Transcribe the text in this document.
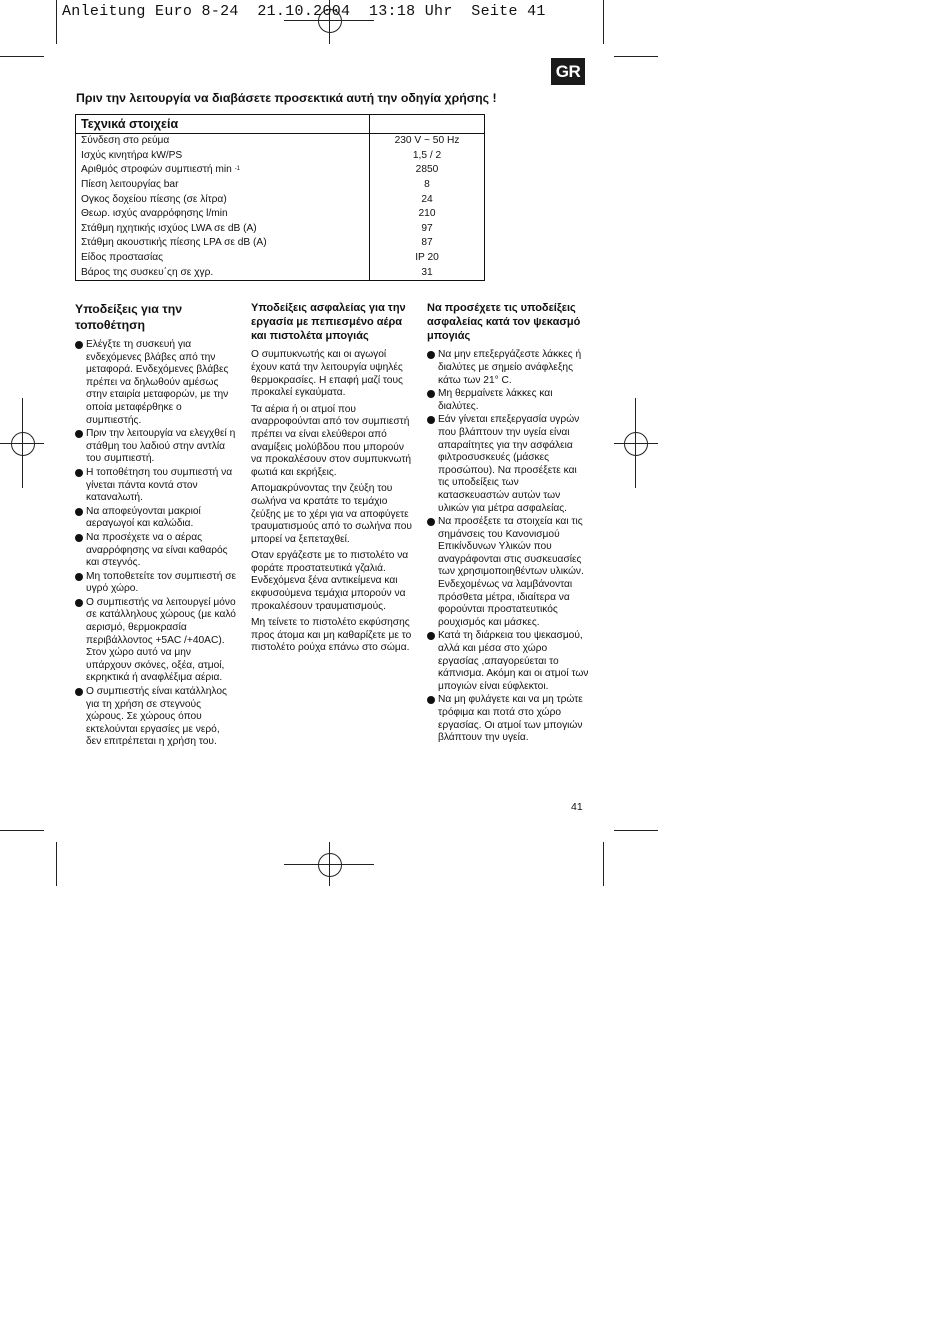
Anleitung Euro 8-24  21.10.2004  13:18 Uhr  Seite 41
GR
Πριν την λειτουργία να διαβάσετε προσεκτικά αυτή την οδηγία χρήσης !
Τεχνικά στοιχεία	
Σύνδεση στο ρεύμα	230 V ~ 50 Hz
Ισχύς κινητήρα kW/PS	1,5 / 2
Αριθμός στροφών συμπιεστή min $^{-1}$	2850
Πίεση λειτουργίας bar	8
Ογκος δοχείου πίεσης (σε λίτρα)	24
Θεωρ. ισχύς αναρρόφησης l/min	210
Στάθμη ηχητικής ισχύος LWA σε dB (A)	97
Στάθμη ακουστικής πίεσης LPA σε dB (A)	87
Είδος προστασίας	IP 20
Βάρος της συσκευ΄ςη σε χγρ.	31
Υποδείξεις για την τοποθέτηση
Ελέγξτε τη συσκευή για ενδεχόμενες βλάβες από την μεταφορά. Ενδεχόμενες βλάβες πρέπει να δηλωθούν αμέσως στην εταιρία μεταφορών, με την οποία μεταφέρθηκε ο συμπιεστής.
Πριν την λειτουργία να ελεγχθεί η στάθμη του λαδιού στην αντλία του συμπιεστή.
Η τοποθέτηση του συμπιεστή να γίνεται πάντα κοντά στον καταναλωτή.
Να αποφεύγονται μακριοί αεραγωγοί και καλώδια.
Να προσέχετε να ο αέρας αναρρόφησης να είναι καθαρός και στεγνός.
Μη τοποθετείτε τον συμπιεστή σε υγρό χώρο.
Ο συμπιεστής να λειτουργεί μόνο σε κατάλληλους χώρους (με καλό αερισμό, θερμοκρασία περιβάλλοντος +5AC /+40AC). Στον χώρο αυτό να μην υπάρχουν σκόνες, οξέα, ατμοί, εκρηκτικά ή αναφλέξιμα αέρια.
Ο συμπιεστής είναι κατάλληλος για τη χρήση σε στεγνούς χώρους. Σε χώρους όπου εκτελούνται εργασίες με νερό, δεν επιτρέπεται η χρήση του.
Υποδείξεις ασφαλείας για την εργασία με πεπιεσμένο αέρα και πιστολέτα μπογιάς

Ο συμπυκνωτής και οι αγωγοί έχουν κατά την λειτουργία υψηλές θερμοκρασίες. Η επαφή μαζί τους προκαλεί εγκαύματα.

Τα αέρια ή οι ατμοί που αναρροφούνται από τον συμπιεστή πρέπει να είναι ελεύθεροι από αναμίξεις μολύβδου που μπορούν να προκαλέσουν στον συμπυκνωτή φωτιά και εκρήξεις.

Απομακρύνοντας την ζεύξη του σωλήνα να κρατάτε το τεμάχιο ζεύξης με το χέρι για να αποφύγετε τραυματισμούς από το σωλήνα που μπορεί να ξεπεταχθεί.

Οταν εργάζεστε με το πιστολέτο να φοράτε προστατευτικά γζαλιά. Ενδεχόμενα ξένα αντικείμενα και εκφυσούμενα τεμάχια μπορούν να προκαλέσουν τραυματισμούς.

Μη τείνετε το πιστολέτο εκφύσησης προς άτομα και μη καθαρίζετε με το πιστολέτο ρούχα επάνω στο σώμα.

Να προσέχετε τις υποδείξεις ασφαλείας κατά τον ψεκασμό μπογιάς
Να μην επεξεργάζεστε λάκκες ή διαλύτες με σημείο ανάφλεξης κάτω των 21° C.
Μη θερμαίνετε λάκκες και διαλύτες.
Εάν γίνεται επεξεργασία υγρών που βλάπτουν την υγεία είναι απαραίτητες για την ασφάλεια φιλτροσυσκευές (μάσκες προσώπου). Να προσέξετε και τις υποδείξεις των κατασκευαστών αυτών των υλικών για μέτρα ασφαλείας.
Να προσέξετε τα στοιχεία και τις σημάνσεις του Κανονισμού Επικίνδυνων Υλικών που αναγράφονται στις συσκευασίες των χρησιμοποιηθέντων υλικών. Ενδεχομένως να λαμβάνονται πρόσθετα μέτρα, ιδιαίτερα να φορούνται προστατευτικός ρουχισμός και μάσκες.
Κατά τη διάρκεια του ψεκασμού, αλλά και μέσα στο χώρο εργασίας ,απαγορεύεται το κάπνισμα. Ακόμη και οι ατμοί των μπογιών είναι εύφλεκτοι.
Να μη φυλάγετε και να μη τρώτε τρόφιμα και ποτά στο χώρο εργασίας. Οι ατμοί των μπογιών βλάπτουν την υγεία.
41
